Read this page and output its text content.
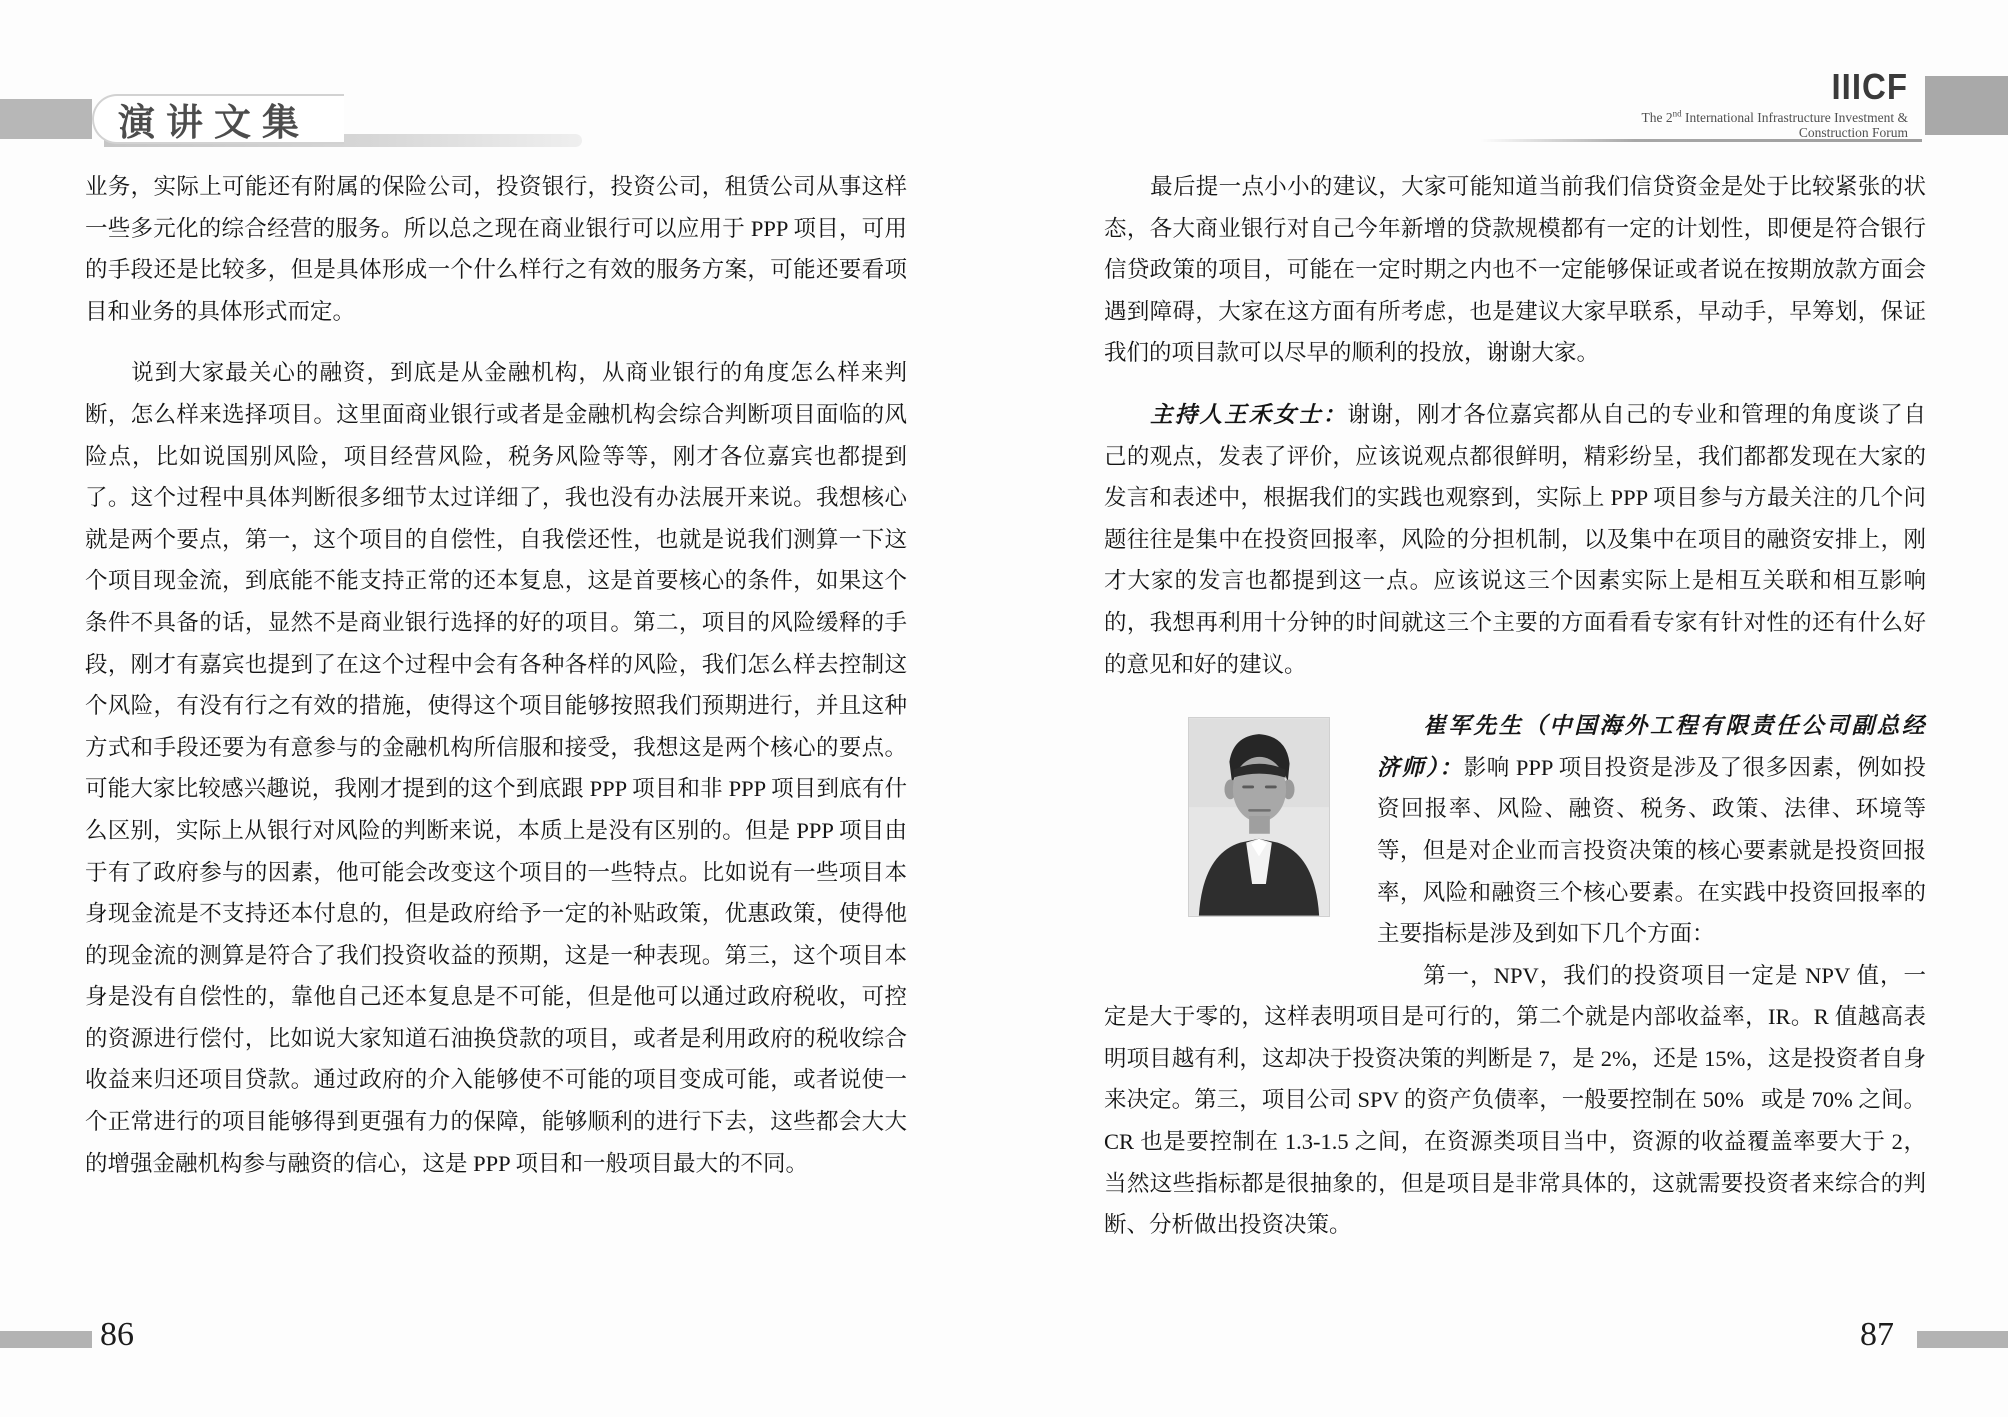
演讲文集
IIICF
The 2nd International Infrastructure Investment &
Construction Forum

业务，实际上可能还有附属的保险公司，投资银行，投资公司，租赁公司从事这样一些多元化的综合经营的服务。所以总之现在商业银行可以应用于 PPP 项目，可用的手段还是比较多，但是具体形成一个什么样行之有效的服务方案，可能还要看项目和业务的具体形式而定。

说到大家最关心的融资，到底是从金融机构，从商业银行的角度怎么样来判断，怎么样来选择项目。这里面商业银行或者是金融机构会综合判断项目面临的风险点，比如说国别风险，项目经营风险，税务风险等等，刚才各位嘉宾也都提到了。这个过程中具体判断很多细节太过详细了，我也没有办法展开来说。我想核心就是两个要点，第一，这个项目的自偿性，自我偿还性，也就是说我们测算一下这个项目现金流，到底能不能支持正常的还本复息，这是首要核心的条件，如果这个条件不具备的话，显然不是商业银行选择的好的项目。第二，项目的风险缓释的手段，刚才有嘉宾也提到了在这个过程中会有各种各样的风险，我们怎么样去控制这个风险，有没有行之有效的措施，使得这个项目能够按照我们预期进行，并且这种方式和手段还要为有意参与的金融机构所信服和接受，我想这是两个核心的要点。可能大家比较感兴趣说，我刚才提到的这个到底跟 PPP 项目和非 PPP 项目到底有什么区别，实际上从银行对风险的判断来说，本质上是没有区别的。但是 PPP 项目由于有了政府参与的因素，他可能会改变这个项目的一些特点。比如说有一些项目本身现金流是不支持还本付息的，但是政府给予一定的补贴政策，优惠政策，使得他的现金流的测算是符合了我们投资收益的预期，这是一种表现。第三，这个项目本身是没有自偿性的，靠他自己还本复息是不可能，但是他可以通过政府税收，可控的资源进行偿付，比如说大家知道石油换贷款的项目，或者是利用政府的税收综合收益来归还项目贷款。通过政府的介入能够使不可能的项目变成可能，或者说使一个正常进行的项目能够得到更强有力的保障，能够顺利的进行下去，这些都会大大的增强金融机构参与融资的信心，这是 PPP 项目和一般项目最大的不同。

最后提一点小小的建议，大家可能知道当前我们信贷资金是处于比较紧张的状态，各大商业银行对自己今年新增的贷款规模都有一定的计划性，即便是符合银行信贷政策的项目，可能在一定时期之内也不一定能够保证或者说在按期放款方面会遇到障碍，大家在这方面有所考虑，也是建议大家早联系，早动手，早筹划，保证我们的项目款可以尽早的顺利的投放，谢谢大家。

主持人王禾女士：谢谢，刚才各位嘉宾都从自己的专业和管理的角度谈了自己的观点，发表了评价，应该说观点都很鲜明，精彩纷呈，我们都都发现在大家的发言和表述中，根据我们的实践也观察到，实际上 PPP 项目参与方最关注的几个问题往往是集中在投资回报率，风险的分担机制，以及集中在项目的融资安排上，刚才大家的发言也都提到这一点。应该说这三个因素实际上是相互关联和相互影响的，我想再利用十分钟的时间就这三个主要的方面看看专家有针对性的还有什么好的意见和好的建议。

崔军先生（中国海外工程有限责任公司副总经济师）：影响 PPP 项目投资是涉及了很多因素，例如投资回报率、风险、融资、税务、政策、法律、环境等等，但是对企业而言投资决策的核心要素就是投资回报率，风险和融资三个核心要素。在实践中投资回报率的主要指标是涉及到如下几个方面：

第一，NPV，我们的投资项目一定是 NPV 值，一定是大于零的，这样表明项目是可行的，第二个就是内部收益率，IR。R 值越高表明项目越有利，这却决于投资决策的判断是 7，是 2%，还是 15%，这是投资者自身来决定。第三，项目公司 SPV 的资产负债率，一般要控制在 50%   或是 70% 之间。CR 也是要控制在 1.3-1.5 之间，在资源类项目当中，资源的收益覆盖率要大于 2，当然这些指标都是很抽象的，但是项目是非常具体的，这就需要投资者来综合的判断、分析做出投资决策。

86	87
